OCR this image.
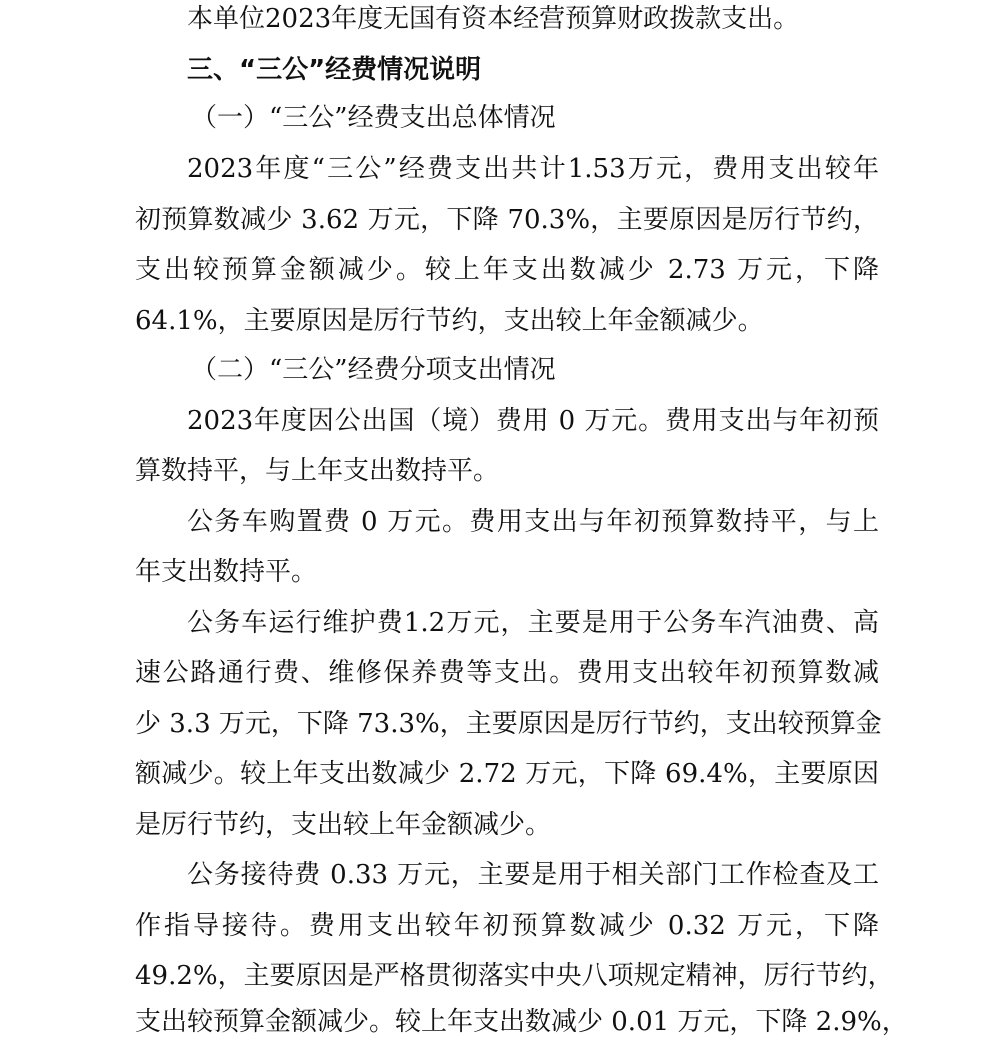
本单位2023年度无国有资本经营预算财政拨款支出。
三、“三公”经费情况说明
（一）“三公”经费支出总体情况
2023年度“三公”经费支出共计1.53万元，费用支出较年
初预算数减少 3.62 万元，下降 70.3%，主要原因是厉行节约，
支出较预算金额减少。较上年支出数减少 2.73 万元，下降
64.1%，主要原因是厉行节约，支出较上年金额减少。
（二）“三公”经费分项支出情况
2023年度因公出国（境）费用 0 万元。费用支出与年初预
算数持平，与上年支出数持平。
公务车购置费 0 万元。费用支出与年初预算数持平，与上
年支出数持平。
公务车运行维护费1.2万元，主要是用于公务车汽油费、高
速公路通行费、维修保养费等支出。费用支出较年初预算数减
少 3.3 万元，下降 73.3%，主要原因是厉行节约，支出较预算金
额减少。较上年支出数减少 2.72 万元，下降 69.4%，主要原因
是厉行节约，支出较上年金额减少。
公务接待费 0.33 万元，主要是用于相关部门工作检查及工
作指导接待。费用支出较年初预算数减少 0.32 万元，下降
49.2%，主要原因是严格贯彻落实中央八项规定精神，厉行节约，
支出较预算金额减少。较上年支出数减少 0.01 万元，下降 2.9%，
